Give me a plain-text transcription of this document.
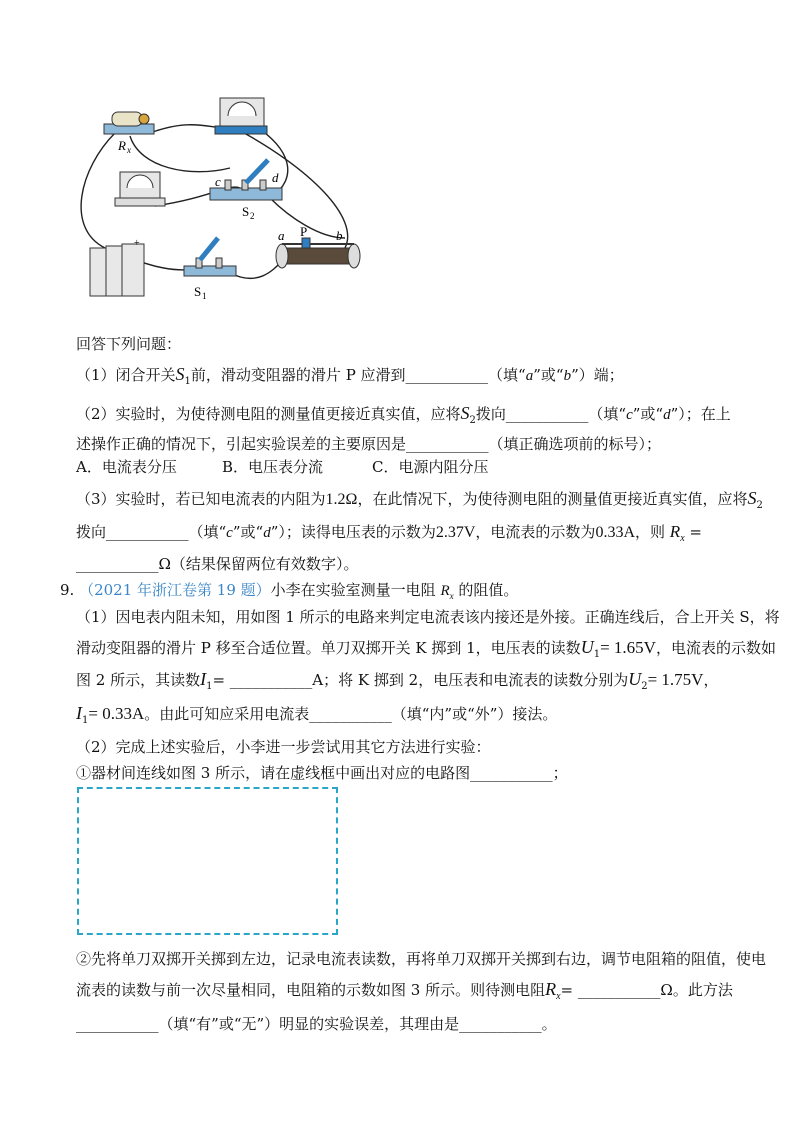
R x
c	d
S 2
+
S 1
a P b
回答下列问题：
（1）闭合开关$S_1$前，滑动变阻器的滑片 P 应滑到___________（填“a”或“b”）端；
（2）实验时，为使待测电阻的测量值更接近真实值，应将$S_2$拨向___________（填“c”或“d”）；在上
述操作正确的情况下，引起实验误差的主要原因是___________（填正确选项前的标号）；
A．电流表分压	B．电压表分流	C．电源内阻分压
（3）实验时，若已知电流表的内阻为1.2Ω，在此情况下，为使待测电阻的测量值更接近真实值，应将$S_2$
拨向___________（填“c”或“d”）；读得电压表的示数为2.37V，电流表的示数为0.33A，则 $R_x$ =
___________Ω（结果保留两位有效数字）。
9. （2021 年浙江卷第 19 题）小李在实验室测量一电阻 $R_x$ 的阻值。
（1）因电表内阻未知，用如图 1 所示的电路来判定电流表该内接还是外接。正确连线后，合上开关 S，将
滑动变阻器的滑片 P 移至合适位置。单刀双掷开关 K 掷到 1，电压表的读数$U_1= 1.65V$，电流表的示数如
图 2 所示，其读数$I_1=$ ___________A；将 K 掷到 2，电压表和电流表的读数分别为$U_2= 1.75V$，
$I_1= 0.33A$。由此可知应采用电流表___________（填“内”或“外”）接法。
（2）完成上述实验后，小李进一步尝试用其它方法进行实验：
①器材间连线如图 3 所示，请在虚线框中画出对应的电路图___________；
②先将单刀双掷开关掷到左边，记录电流表读数，再将单刀双掷开关掷到右边，调节电阻箱的阻值，使电
流表的读数与前一次尽量相同，电阻箱的示数如图 3 所示。则待测电阻$R_x=$ ___________Ω。此方法
___________（填“有”或“无”）明显的实验误差，其理由是___________。
